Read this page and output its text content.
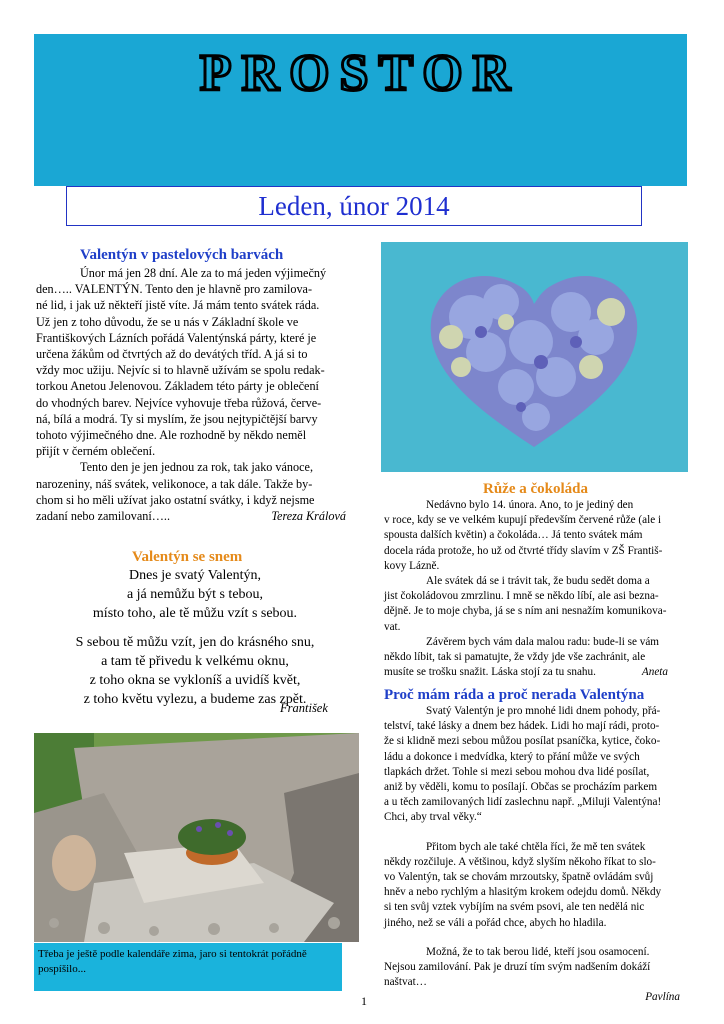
PROSTOR
Leden, únor 2014
Valentýn v pastelových barvách

Únor má jen 28 dní. Ale za to má jeden výjimečný

den….. VALENTÝN. Tento den je hlavně pro zamilova-

né lid, i jak už někteří jistě víte. Já mám tento svátek ráda.

Už jen z toho důvodu, že se u nás v Základní škole ve

Františkových Lázních pořádá Valentýnská párty, které je

určena žákům od čtvrtých až do devátých tříd. A já si to

vždy moc užiju. Nejvíc si to hlavně užívám se spolu redak-

torkou Anetou Jelenovou. Základem této párty je oblečení

do vhodných barev. Nejvíce vyhovuje třeba růžová, červe-

ná, bílá a modrá. Ty si myslím, že jsou nejtypičtější barvy

tohoto výjimečného dne. Ale rozhodně by někdo neměl

přijít v černém oblečení.

Tento den je jen jednou za rok, tak jako vánoce,

narozeniny, náš svátek, velikonoce, a tak dále. Takže by-

chom si ho měli užívat jako ostatní svátky, i když nejsme

zadaní nebo zamilovaní…..	Tereza Králová

Valentýn se snem

Dnes je svatý Valentýn,

a já nemůžu být s tebou,

místo toho, ale tě můžu vzít s sebou.

S sebou tě můžu vzít, jen do krásného snu,

a tam tě přivedu k velkému oknu,

z toho okna se vykloníš a uvidíš květ,

z toho květu vylezu, a budeme zas zpět.

František
Třeba je ještě podle kalendáře zima, jaro si tentokrát pořádně
pospíšilo...
Růže a čokoláda

Nedávno bylo 14. února. Ano, to je jediný den

v roce, kdy se ve velkém kupují především červené růže (ale i

spousta dalších květin) a čokoláda… Já tento svátek mám

docela ráda protože, ho už od čtvrté třídy slavím v ZŠ Františ-

kovy Lázně.

Ale svátek dá se i trávit tak, že budu sedět doma a

jist čokoládovou zmrzlinu. I mně se někdo líbí, ale asi bezna-

dějně. Je to moje chyba, já se s ním ani nesnažím komunikova-

vat.

Závěrem bych vám dala malou radu: bude-li se vám

někdo líbit, tak si pamatujte, že vždy jde vše zachránit, ale

musíte se trošku snažit. Láska stojí za tu snahu.	Aneta

Proč mám ráda a proč nerada Valentýna

Svatý Valentýn je pro mnohé lidi dnem pohody, přá-

telství, také lásky a dnem bez hádek. Lidi ho mají rádi, proto-

že si klidně mezi sebou můžou posílat psaníčka, kytice, čoko-

ládu a dokonce i medvídka, který to přání může ve svých

tlapkách držet. Tohle si mezi sebou mohou dva lidé posílat,

aniž by věděli, komu to posílají. Občas se procházím parkem

a u těch zamilovaných lidí zaslechnu např. „Miluji Valentýna!

Chci, aby trval věky.“

Přitom bych ale také chtěla říci, že mě ten svátek

někdy rozčiluje. A většinou, když slyším někoho říkat to slo-

vo Valentýn, tak se chovám mrzoutsky, špatně ovládám svůj

hněv a nebo rychlým a hlasitým krokem odejdu domů. Někdy

si ten svůj vztek vybíjím na svém psovi, ale ten nedělá nic

jiného, než se váli a pořád chce, abych ho hladila.

Možná, že to tak berou lidé, kteří jsou osamocení.

Nejsou zamilování. Pak je druzí tím svým nadšením dokáží

naštvat…

Pavlína

1
